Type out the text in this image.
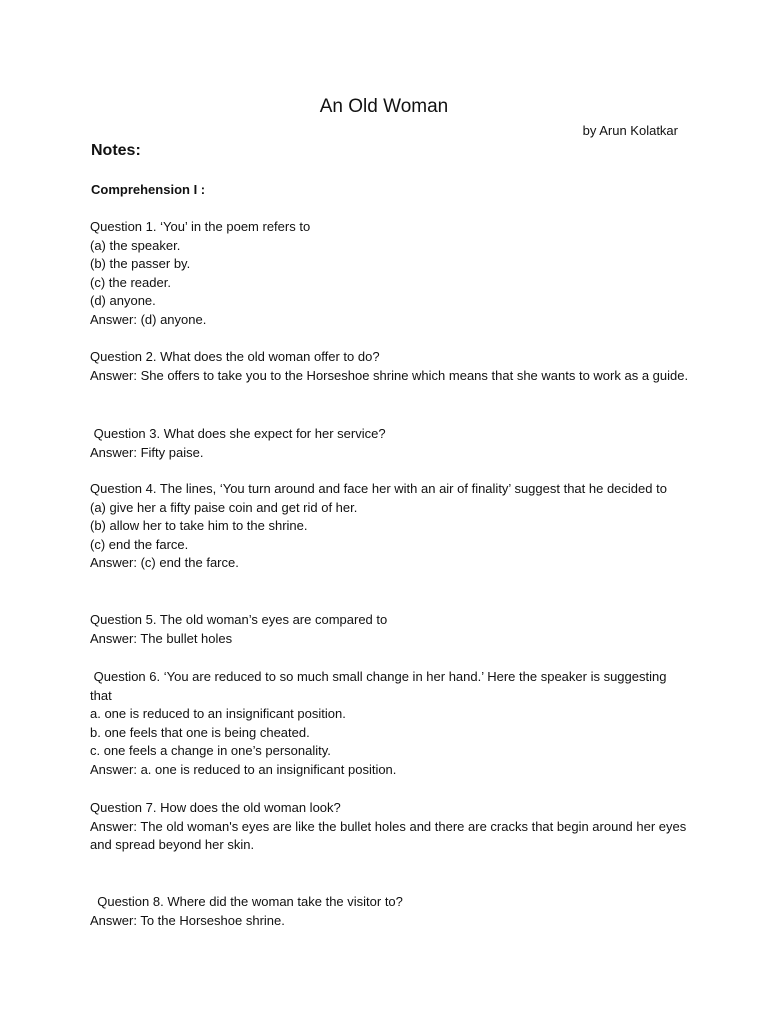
An Old Woman
by Arun Kolatkar
Notes:
Comprehension I :
Question 1. ‘You’ in the poem refers to
(a) the speaker.
(b) the passer by.
(c) the reader.
(d) anyone.
Answer: (d) anyone.
Question 2. What does the old woman offer to do?
Answer: She offers to take you to the Horseshoe shrine which means that she wants to work as a guide.
Question 3. What does she expect for her service?
Answer: Fifty paise.
Question 4. The lines, ‘You turn around and face her with an air of finality’ suggest that he decided to
(a) give her a fifty paise coin and get rid of her.
(b) allow her to take him to the shrine.
(c) end the farce.
Answer: (c) end the farce.
Question 5. The old woman’s eyes are compared to
Answer: The bullet holes
Question 6. ‘You are reduced to so much small change in her hand.’ Here the speaker is suggesting that
a. one is reduced to an insignificant position.
b. one feels that one is being cheated.
c. one feels a change in one’s personality.
Answer: a. one is reduced to an insignificant position.
Question 7. How does the old woman look?
Answer: The old woman's eyes are like the bullet holes and there are cracks that begin around her eyes and spread beyond her skin.
Question 8. Where did the woman take the visitor to?
Answer: To the Horseshoe shrine.
